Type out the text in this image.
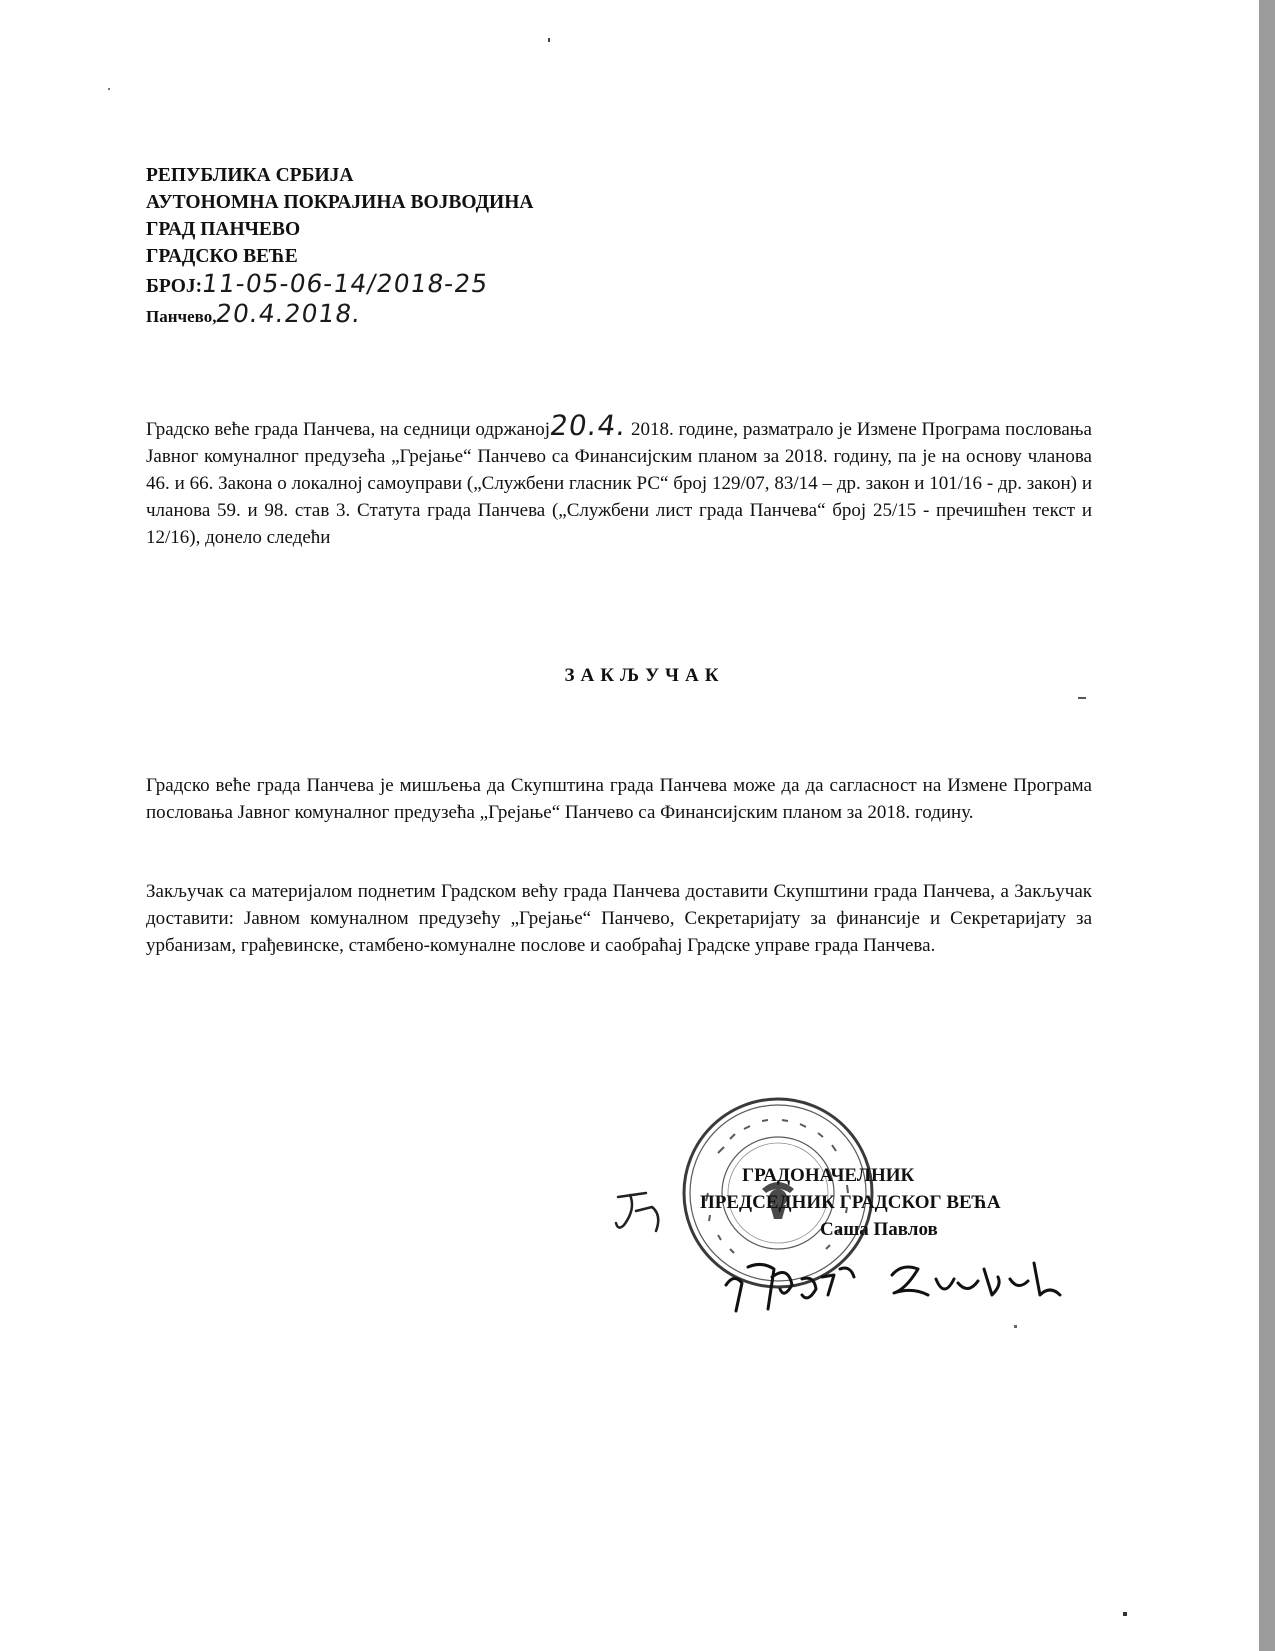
РЕПУБЛИКА СРБИЈА
АУТОНОМНА ПОКРАЈИНА ВОЈВОДИНА
ГРАД ПАНЧЕВО
ГРАДСКО ВЕЋЕ
БРОЈ:11-05-06-14/2018-25
Панчево,20.4.2018.
Градско веће града Панчева, на седници одржаној20.4. 2018. године, разматрало је Измене Програма пословања Јавног комуналног предузећа „Грејање“ Панчево са Финансијским планом за 2018. годину, па је на основу чланова 46. и 66. Закона о локалној самоуправи („Службени гласник РС“ број 129/07, 83/14 – др. закон и 101/16 - др. закон) и чланова 59. и 98. став 3. Статута града Панчева („Службени лист града Панчева“ број 25/15 - пречишћен текст и 12/16), донело следећи
ЗАКЉУЧАК
Градско веће града Панчева је мишљења да Скупштина града Панчева може да да сагласност на Измене Програма пословања Јавног комуналног предузећа „Грејање“ Панчево са Финансијским планом за 2018. годину.
Закључак са материјалом поднетим Градском већу града Панчева доставити Скупштини града Панчева, а Закључак доставити: Јавном комуналном предузећу „Грејање“ Панчево, Секретаријату за финансије и Секретаријату за урбанизам, грађевинске, стамбено-комуналне послове и саобраћај Градске управе града Панчева.
ГРАДОНАЧЕЛНИК
ПРЕДСЕДНИК ГРАДСКОГ ВЕЋА
Саша Павлов
